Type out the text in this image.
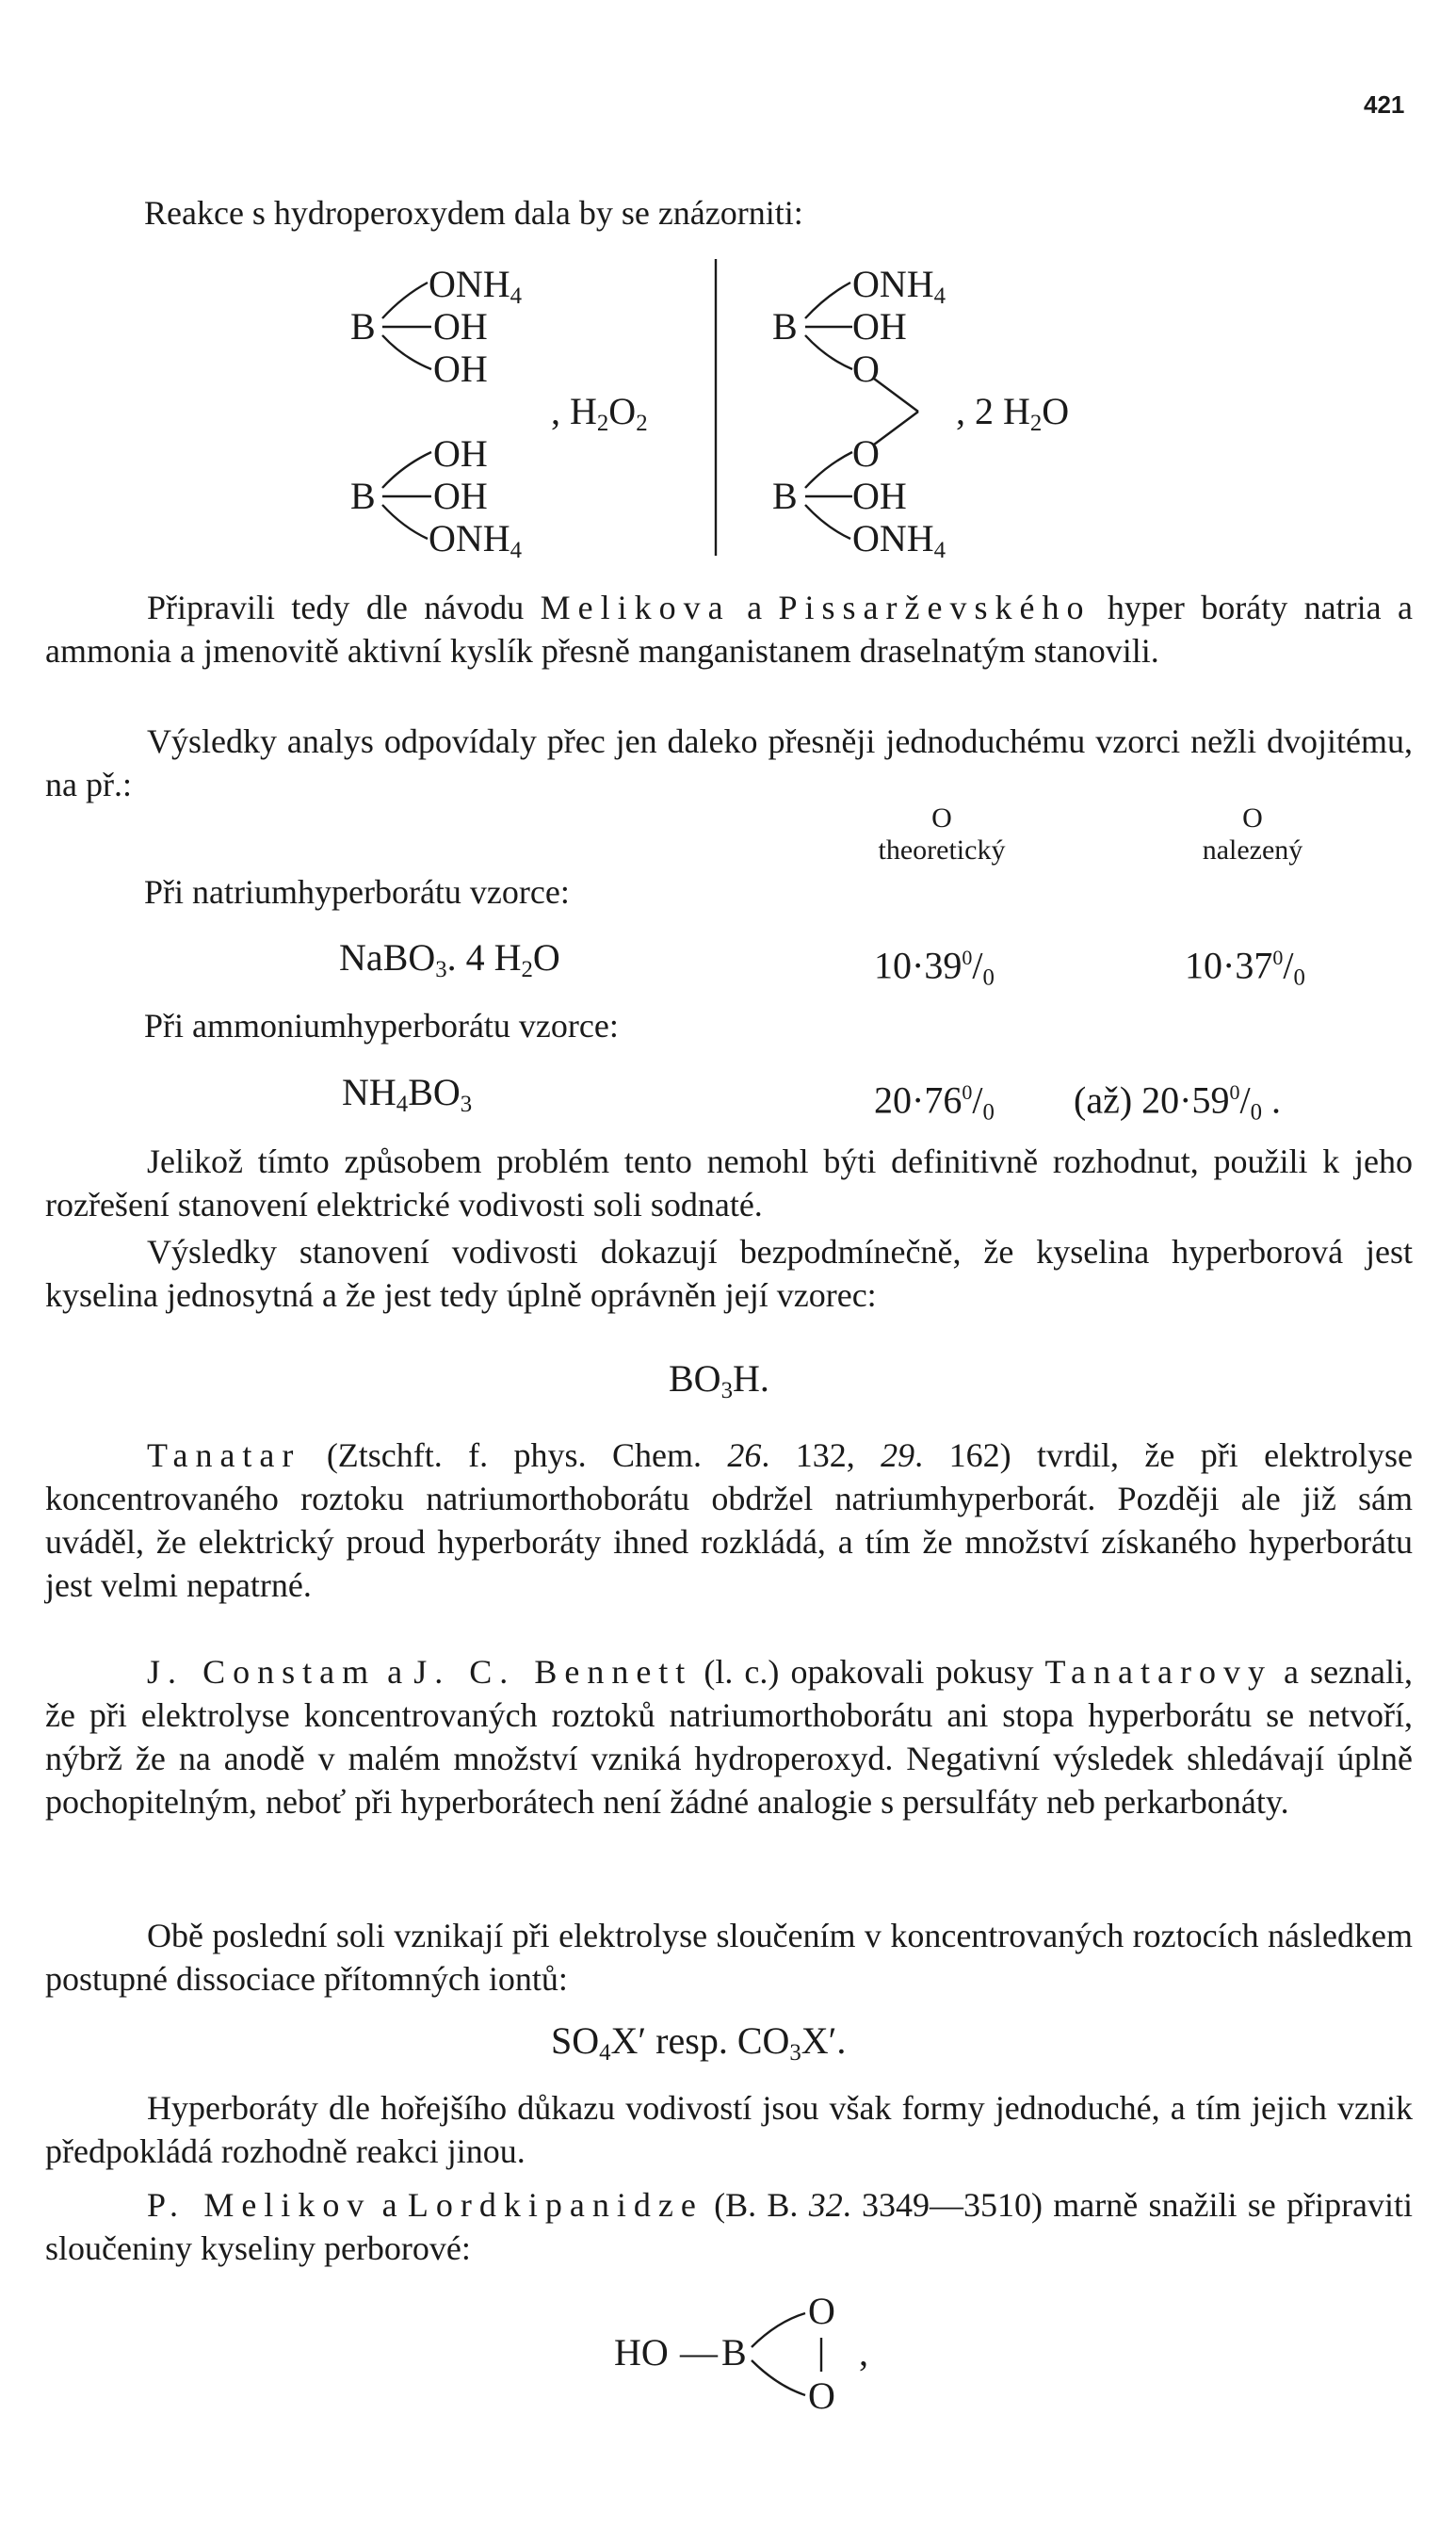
421
Reakce s hydroperoxydem dala by se znázorniti:
B
$ONH_4$
OH
OH
B
OH
OH
$ONH_4$
, $H_2O_2$
B
$ONH_4$
OH
O
B
O
OH
$ONH_4$
, 2 $H_2O$
Připravili tedy dle návodu Melikova a Pissarževského hyper boráty natria a ammonia a jmenovitě aktivní kyslík přesně manganistanem draselnatým stanovili.
Výsledky analys odpovídaly přec jen daleko přesněji jednoduchému vzorci nežli dvojitému, na př.:
O
theoretický
O
nalezený
Při natriumhyperborátu vzorce:
NaBO$_3$. 4 $H_2O$	$10\cdot 39^0/_0$	$10\cdot 37^0/_0$
Při ammoniumhyperborátu vzorce:
$NH_4BO_3$	$20\cdot 76^0/_0$ (až) $20\cdot 59^0/_0$ .
Jelikož tímto způsobem problém tento nemohl býti definitivně rozhodnut, použili k jeho rozřešení stanovení elektrické vodivosti soli sodnaté.
Výsledky stanovení vodivosti dokazují bezpodmínečně, že kyselina hyperborová jest kyselina jednosytná a že jest tedy úplně oprávněn její vzorec:
$BO_3H$.
Tanatar (Ztschft. f. phys. Chem. 26. 132, 29. 162) tvrdil, že při elektrolyse koncentrovaného roztoku natriumorthoborátu obdržel natriumhyperborát. Později ale již sám uváděl, že elektrický proud hyperboráty ihned rozkládá, a tím že množství získaného hyperborátu jest velmi nepatrné.
J. Constam a J. C. Bennett (l. c.) opakovali pokusy Tanatarovy a seznali, že při elektrolyse koncentrovaných roztoků natriumorthoborátu ani stopa hyperborátu se netvoří, nýbrž že na anodě v malém množství vzniká hydroperoxyd. Negativní výsledek shledávají úplně pochopitelným, neboť při hyperborátech není žádné analogie s persulfáty neb perkarbonáty.
Obě poslední soli vznikají při elektrolyse sloučením v koncentrovaných roztocích následkem postupné dissociace přítomných iontů:
$SO_4X'$ resp. $CO_3X'$.
Hyperboráty dle hořejšího důkazu vodivostí jsou však formy jednoduché, a tím jejich vznik předpokládá rozhodně reakci jinou.
P. Melikov a Lordkipanidze (B. B. 32. 3349—3510) marně snažili se připraviti sloučeniny kyseliny perborové:
HO — B
O
O
,
